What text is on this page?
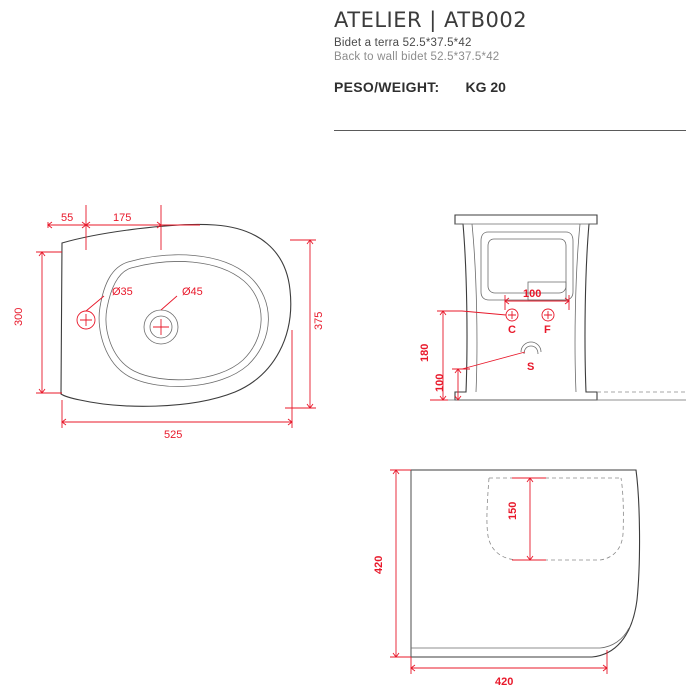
ATELIER | ATB002
Bidet a terra 52.5*37.5*42
Back to wall bidet 52.5*37.5*42
PESO/WEIGHT: KG 20
Ø35	Ø45
55	175
300	375
525
C	F
S
100
180
100
150
420
420
